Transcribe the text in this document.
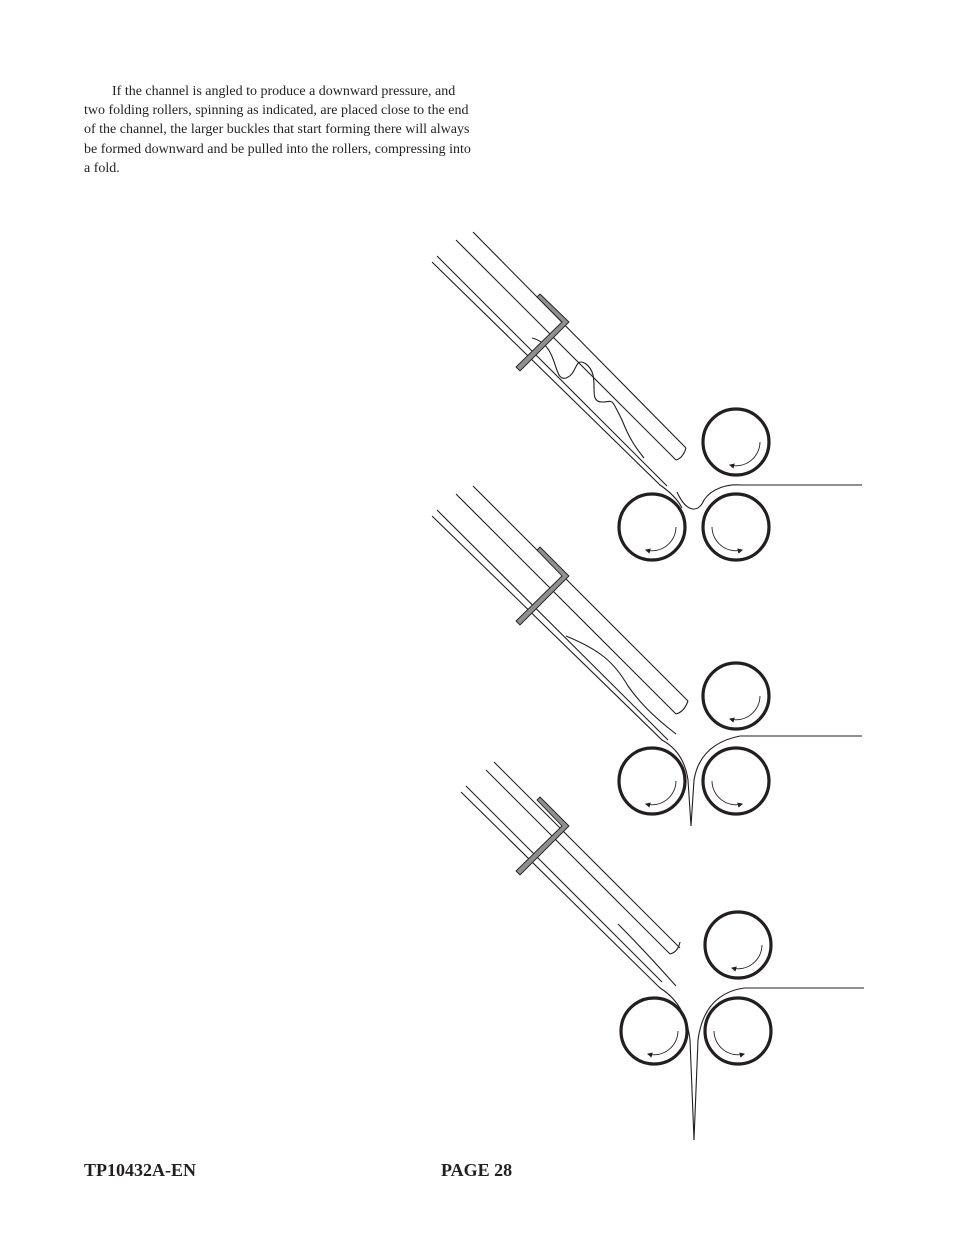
If the channel is angled to produce a downward pressure, and two folding rollers, spinning as indicated, are placed close to the end of the channel, the larger buckles that start forming there will always be formed downward and be pulled into the rollers, compressing into a fold.

TP10432A-EN	PAGE 28
